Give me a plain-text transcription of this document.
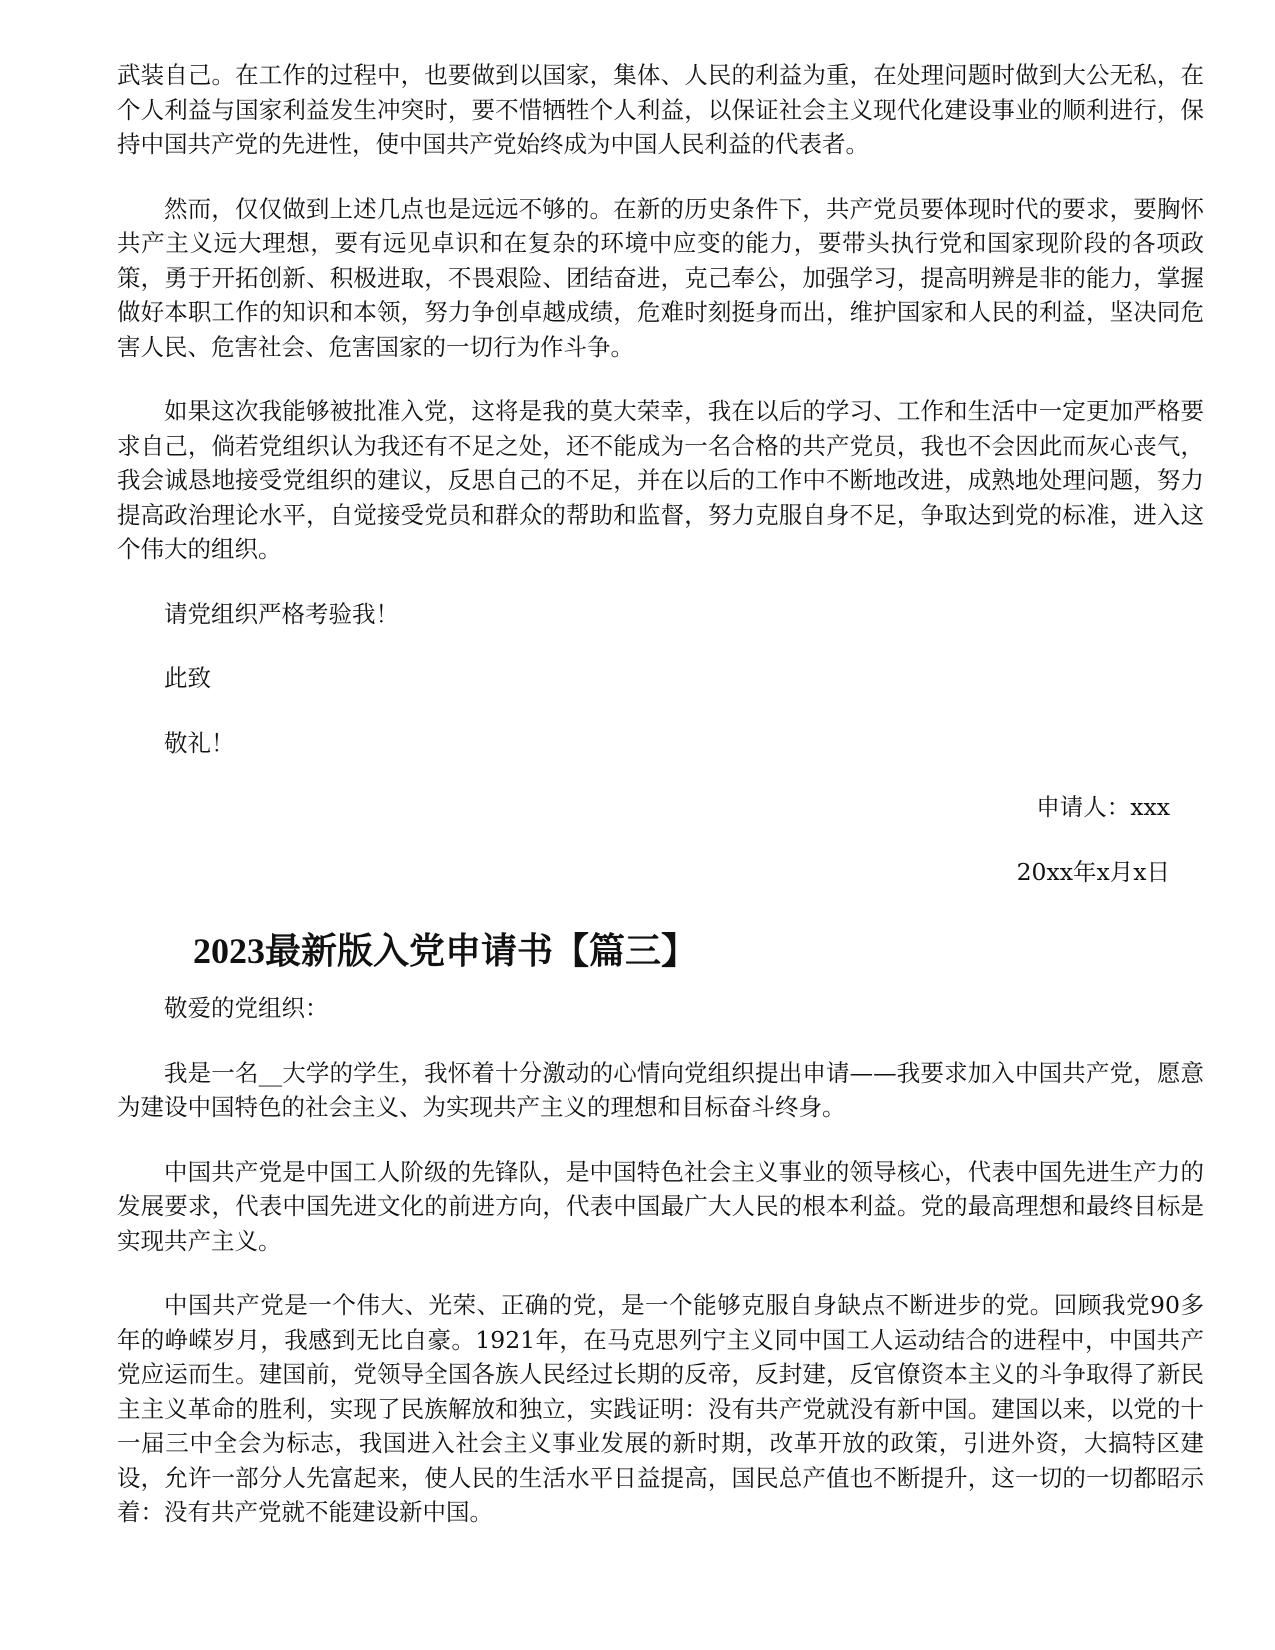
武装自己。在工作的过程中，也要做到以国家，集体、人民的利益为重，在处理问题时做到大公无私，在个人利益与国家利益发生冲突时，要不惜牺牲个人利益，以保证社会主义现代化建设事业的顺利进行，保持中国共产党的先进性，使中国共产党始终成为中国人民利益的代表者。

然而，仅仅做到上述几点也是远远不够的。在新的历史条件下，共产党员要体现时代的要求，要胸怀共产主义远大理想，要有远见卓识和在复杂的环境中应变的能力，要带头执行党和国家现阶段的各项政策，勇于开拓创新、积极进取，不畏艰险、团结奋进，克己奉公，加强学习，提高明辨是非的能力，掌握做好本职工作的知识和本领，努力争创卓越成绩，危难时刻挺身而出，维护国家和人民的利益，坚决同危害人民、危害社会、危害国家的一切行为作斗争。

如果这次我能够被批准入党，这将是我的莫大荣幸，我在以后的学习、工作和生活中一定更加严格要求自己，倘若党组织认为我还有不足之处，还不能成为一名合格的共产党员，我也不会因此而灰心丧气，我会诚恳地接受党组织的建议，反思自己的不足，并在以后的工作中不断地改进，成熟地处理问题，努力提高政治理论水平，自觉接受党员和群众的帮助和监督，努力克服自身不足，争取达到党的标准，进入这个伟大的组织。

请党组织严格考验我！

此致

敬礼！

申请人：xxx

20xx年x月x日

2023最新版入党申请书【篇三】

敬爱的党组织：

我是一名__大学的学生，我怀着十分激动的心情向党组织提出申请——我要求加入中国共产党，愿意为建设中国特色的社会主义、为实现共产主义的理想和目标奋斗终身。

中国共产党是中国工人阶级的先锋队，是中国特色社会主义事业的领导核心，代表中国先进生产力的发展要求，代表中国先进文化的前进方向，代表中国最广大人民的根本利益。党的最高理想和最终目标是实现共产主义。

中国共产党是一个伟大、光荣、正确的党，是一个能够克服自身缺点不断进步的党。回顾我党90多年的峥嵘岁月，我感到无比自豪。1921年，在马克思列宁主义同中国工人运动结合的进程中，中国共产党应运而生。建国前，党领导全国各族人民经过长期的反帝，反封建，反官僚资本主义的斗争取得了新民主主义革命的胜利，实现了民族解放和独立，实践证明：没有共产党就没有新中国。建国以来，以党的十一届三中全会为标志，我国进入社会主义事业发展的新时期，改革开放的政策，引进外资，大搞特区建设，允许一部分人先富起来，使人民的生活水平日益提高，国民总产值也不断提升，这一切的一切都昭示着：没有共产党就不能建设新中国。
